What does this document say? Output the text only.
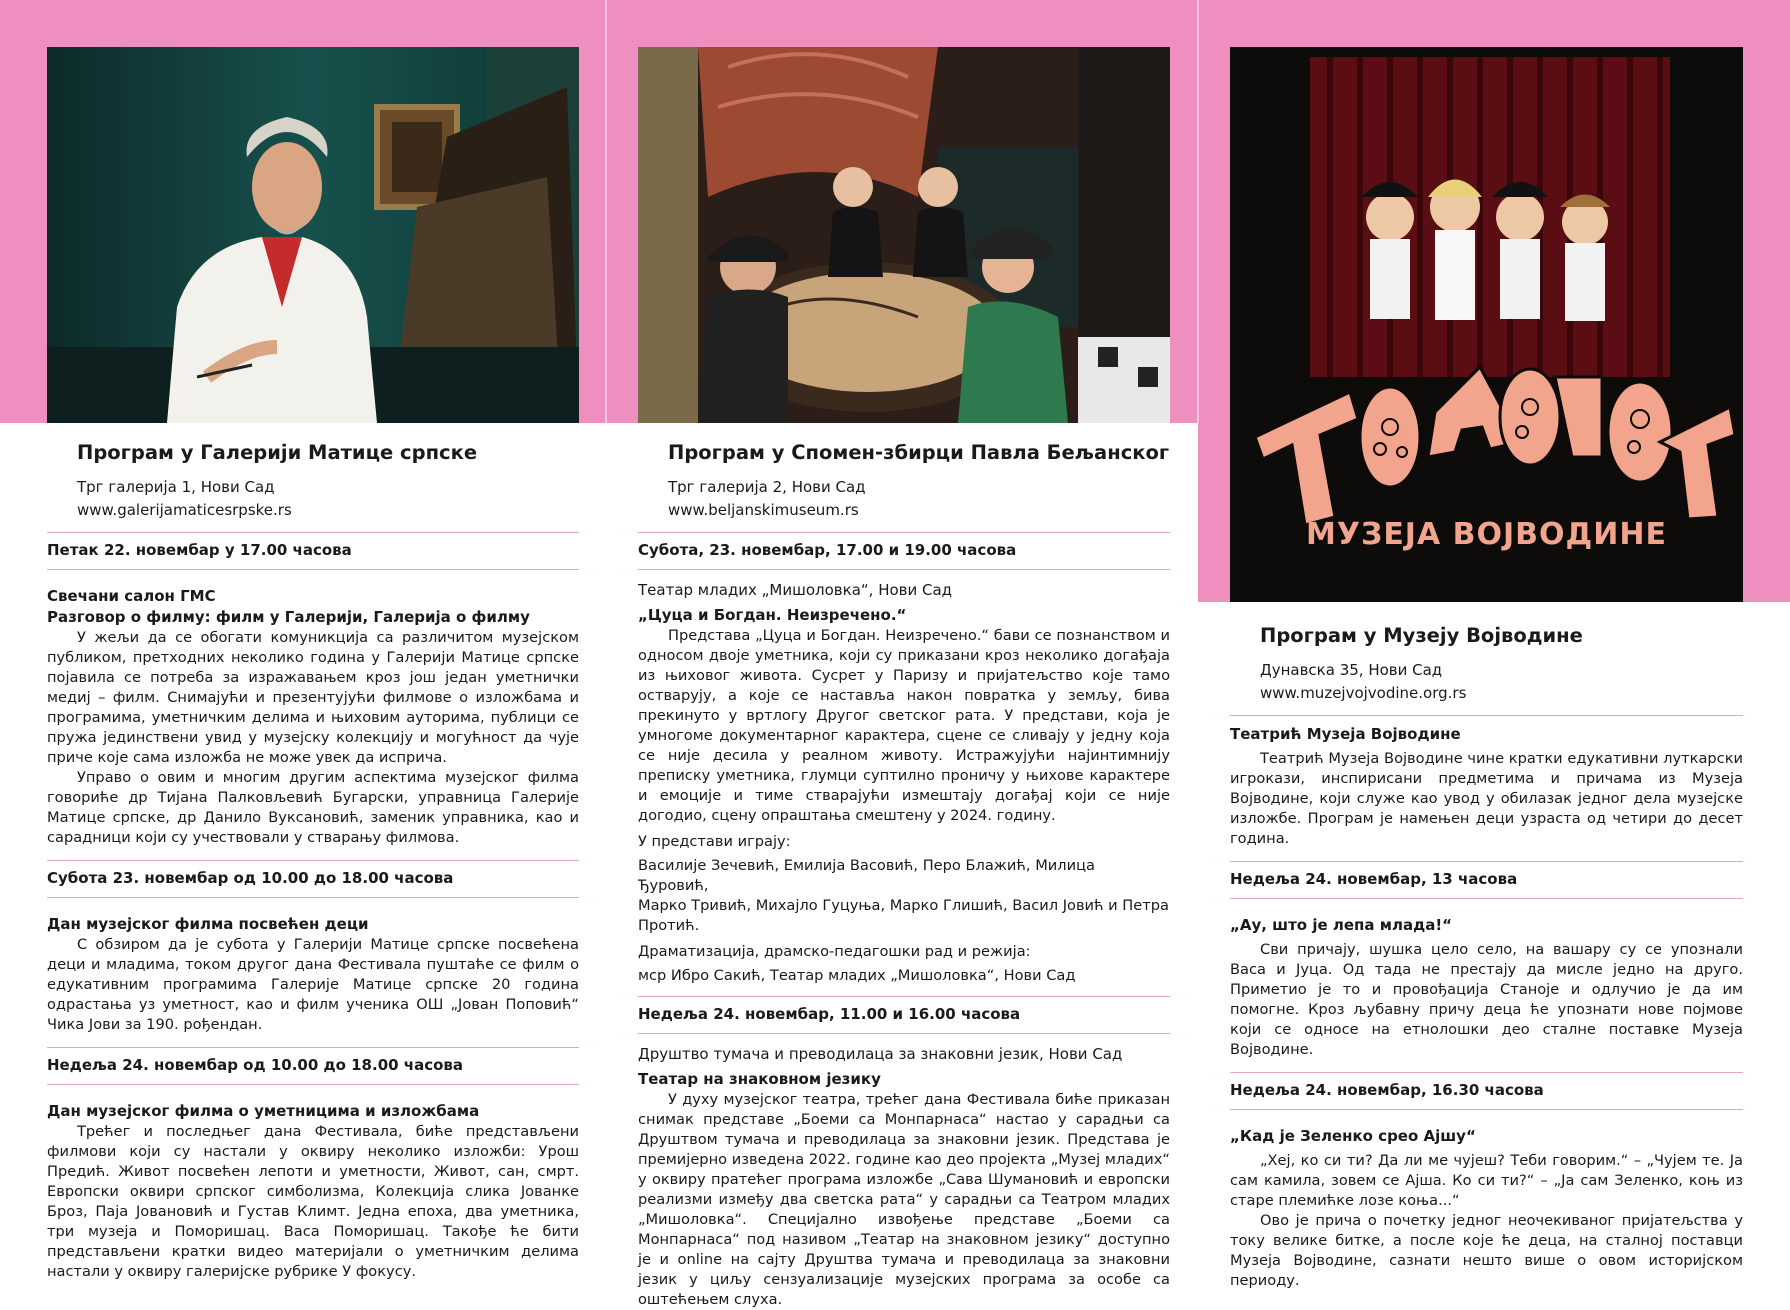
МУЗЕЈА ВОЈВОДИНЕ
Програм у Галерији Матице српске
Трг галерија 1, Нови Сад
www.galerijamaticesrpske.rs
Петак 22. новембар у 17.00 часова
Свечани салон ГМС
Разговор о филму: филм у Галерији, Галерија о филму

У жељи да се обогати комуникција са различитом музејском публиком, претходних неколико година у Галерији Матице српске појавила се потреба за изражавањем кроз још један уметнички медиј – филм. Снимајући и презентујући филмове о изложбама и програмима, уметничким делима и њиховим ауторима, публици се пружа јединствени увид у музејску колекцију и могућност да чује приче које сама изложба не може увек да исприча.

Управо о овим и многим другим аспектима музејског филма говориће др Тијана Палковљевић Бугарски, управница Галерије Матице српске, др Данило Вуксановић, заменик управника, као и сарадници који су учествовали у стварању филмова.

Субота 23. новембар од 10.00 до 18.00 часова
Дан музејског филма посвећен деци

С обзиром да је субота у Галерији Матице српске посвећена деци и младима, током другог дана Фестивала пуштаће се филм о едукативним програмима Галерије Матице српске 20 година одрастања уз уметност, као и филм ученика ОШ „Јован Поповић“ Чика Јови за 190. рођендан.

Недеља 24. новембар од 10.00 до 18.00 часова
Дан музејског филма о уметницима и изложбама

Трећег и последњег дана Фестивала, биће представљени филмови који су настали у оквиру неколико изложби: Урош Предић. Живот посвећен лепоти и уметности, Живот, сан, смрт. Европски оквири српског симболизма, Колекција слика Јованке Броз, Паја Јовановић и Густав Климт. Једна епоха, два уметника, три музеја и Поморишац. Васа Поморишац. Такође ће бити представљени кратки видео материјали о уметничким делима настали у оквиру галеријске рубрике У фокусу.

Програм у Спомен-збирци Павла Бељанског
Трг галерија 2, Нови Сад
www.beljanskimuseum.rs
Субота, 23. новембар, 17.00 и 19.00 часова
Театар младих „Мишоловка“, Нови Сад
„Цуца и Богдан. Неизречено.“

Представа „Цуца и Богдан. Неизречено.“ бави се познанством и односом двоје уметника, који су приказани кроз неколико догађаја из њиховог живота. Сусрет у Паризу и пријатељство које тамо остварују, а које се наставља након повратка у земљу, бива прекинуто у вртлогу Другог светског рата. У представи, која је умногоме документарног карактера, сцене се сливају у једну која се није десила у реалном животу. Истражујући најинтимнију преписку уметника, глумци суптилно проничу у њихове карактере и емоције и тиме стварајући измештају догађај који се није догодио, сцену опраштања смештену у 2024. годину.

У представи играју:
Василије Зечевић, Емилија Васовић, Перо Блажић, Милица Ђуровић,
Марко Тривић, Михајло Гуцуња, Марко Глишић, Васил Јовић и Петра Протић.
Драматизација, драмско-педагошки рад и режија:
мср Ибро Сакић, Театар младих „Мишоловка“, Нови Сад
Недеља 24. новембар, 11.00 и 16.00 часова
Друштво тумача и преводилаца за знаковни језик, Нови Сад
Театар на знаковном језику

У духу музејског театра, трећег дана Фестивала биће приказан снимак представе „Боеми са Монпарнаса“ настао у сарадњи са Друштвом тумача и преводилаца за знаковни језик. Представа је премијерно изведена 2022. године као део пројекта „Музеј младих“ у оквиру пратећег програма изложбе „Сава Шумановић и европски реализми између два светска рата“ у сарадњи са Театром младих „Мишоловка“. Специјално извођење представе „Боеми са Монпарнаса“ под називом „Театар на знаковном језику“ доступно је и online на сајту Друштва тумача и преводилаца за знаковни језик у циљу сензуализације музејских програма за особе са оштећењем слуха.

Програм у Музеју Војводине
Дунавска 35, Нови Сад
www.muzejvojvodine.org.rs
Театрић Музеја Војводине

Театрић Музеја Војводине чине кратки едукативни луткарски игрокази, инспирисани предметима и причама из Музеја Војводине, који служе као увод у обилазак једног дела музејске изложбе. Програм је намењен деци узраста од четири до десет година.

Недеља 24. новембар, 13 часова
„Ау, што је лепа млада!“

Сви причају, шушка цело село, на вашару су се упознали Васа и Јуца. Од тада не престају да мисле једно на друго. Приметио је то и провођација Станоје и одлучио је да им помогне. Кроз љубавну причу деца ће упознати нове појмове који се односе на етнолошки део сталне поставке Музеја Војводине.

Недеља 24. новембар, 16.30 часова
„Кад је Зеленко срео Ајшу“

„Хеј, ко си ти? Да ли ме чујеш? Теби говорим.“ – „Чујем те. Ја сам камила, зовем се Ајша. Ко си ти?“ – „Ја сам Зеленко, коњ из старе племићке лозе коња...“

Ово је прича о почетку једног неочекиваног пријатељства у току велике битке, а после које ће деца, на сталној поставци Музеја Војводине, сазнати нешто више о овом историјском периоду.
